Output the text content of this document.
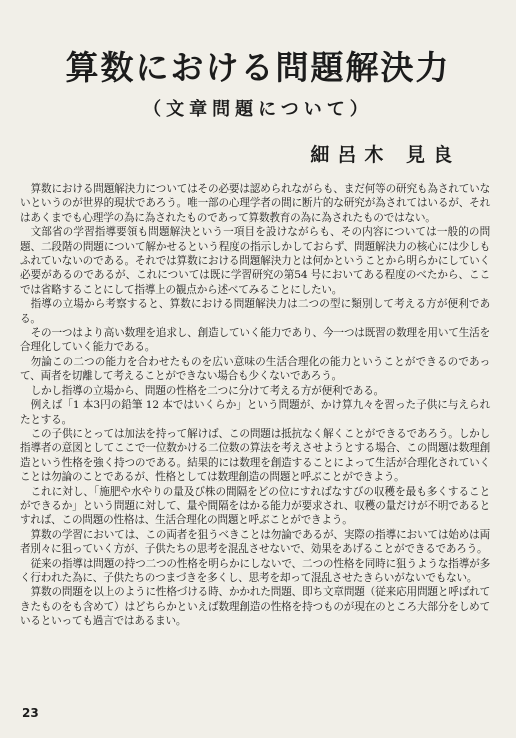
算数における問題解決力
（文章問題について）
細呂木 見良

算数における問題解決力についてはその必要は認められながらも、まだ何等の研究も為されていないというのが世界的現状であろう。唯一部の心理学者の間に断片的な研究が為されてはいるが、それはあくまでも心理学の為に為されたものであって算数教育の為に為されたものではない。

文部省の学習指導要領も問題解決という一項目を設けながらも、その内容については一般的の問題、二段階の問題について解かせるという程度の指示しかしておらず、問題解決力の核心には少しもふれていないのである。それでは算数における問題解決力とは何かということから明らかにしていく必要があるのであるが、これについては既に学習研究の第54 号においてある程度のべたから、ここでは省略することにして指導上の観点から述べてみることにしたい。

指導の立場から考察すると、算数における問題解決力は二つの型に類別して考える方が便利である。

その一つはより高い数理を追求し、創造していく能力であり、今一つは既習の数理を用いて生活を合理化していく能力である。

勿論この二つの能力を合わせたものを広い意味の生活合理化の能力ということができるのであって、両者を切離して考えることができない場合も少くないであろう。

しかし指導の立場から、問題の性格を二つに分けて考える方が便利である。

例えば「1 本3円の鉛筆 12 本ではいくらか」という問題が、かけ算九々を習った子供に与えられたとする。

この子供にとっては加法を持って解けば、この問題は抵抗なく解くことができるであろう。しかし指導者の意図としてここで一位数かける二位数の算法を考えさせようとする場合、この問題は数理創造という性格を強く持つのである。結果的には数理を創造することによって生活が合理化されていくことは勿論のことであるが、性格としては数理創造の問題と呼ぶことができよう。

これに対し、「施肥や水やりの量及び株の間隔をどの位にすればなすびの収穫を最も多くすることができるか」という問題に対して、量や間隔をはかる能力が要求され、収穫の量だけが不明であるとすれば、この問題の性格は、生活合理化の問題と呼ぶことができよう。

算数の学習においては、この両者を狙うべきことは勿論であるが、実際の指導においては始めは両者別々に狙っていく方が、子供たちの思考を混乱させないで、効果をあげることができるであろう。

従来の指導は問題の持つ二つの性格を明らかにしないで、二つの性格を同時に狙うような指導が多く行われた為に、子供たちのつまづきを多くし、思考を却って混乱させたきらいがないでもない。

算数の問題を以上のように性格づける時、かかれた問題、即ち文章問題（従来応用問題と呼ばれてきたものをも含めて）はどちらかといえば数理創造の性格を持つものが現在のところ大部分をしめているといっても過言ではあるまい。

23
